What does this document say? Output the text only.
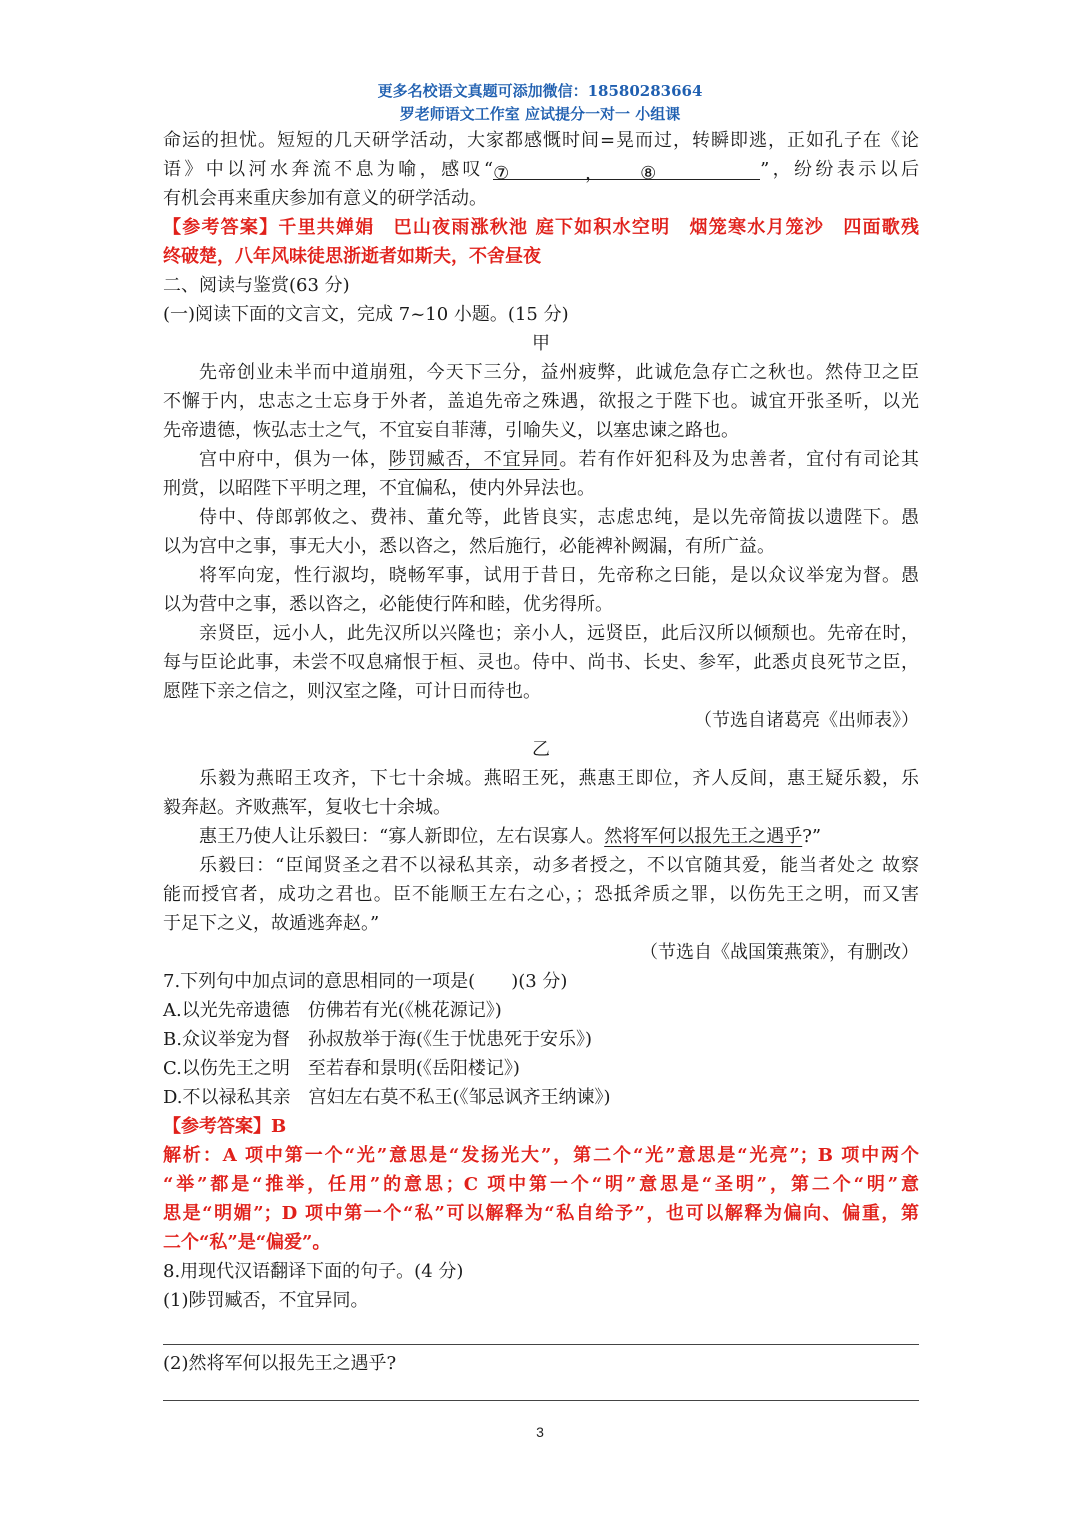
更多名校语文真题可添加微信：18580283664
罗老师语文工作室 应试提分一对一 小组课
命运的担忧。短短的几天研学活动，大家都感慨时间=晃而过，转瞬即逃，正如孔子在《论
语》中以河水奔流不息为喻，感叹“⑦	， ⑧	”，纷纷表示以后
有机会再来重庆参加有意义的研学活动。
【参考答案】千里共婵娟　巴山夜雨涨秋池 庭下如积水空明　烟笼寒水月笼沙　四面歌残
终破楚，八年风味徒思浙逝者如斯夫，不舍昼夜
二、阅读与鉴赏(63 分)
(一)阅读下面的文言文，完成 7~10 小题。(15 分)
甲
先帝创业未半而中道崩殂，今天下三分，益州疲弊，此诚危急存亡之秋也。然侍卫之臣
不懈于内，忠志之士忘身于外者，盖追先帝之殊遇，欲报之于陛下也。诚宜开张圣听，以光
先帝遗德，恢弘志士之气，不宜妄自菲薄，引喻失义，以塞忠谏之路也。
宫中府中，俱为一体，陟罚臧否，不宜异同。若有作奸犯科及为忠善者，宜付有司论其
刑赏，以昭陛下平明之理，不宜偏私，使内外异法也。
侍中、侍郎郭攸之、费祎、董允等，此皆良实，志虑忠纯，是以先帝简拔以遗陛下。愚
以为宫中之事，事无大小，悉以咨之，然后施行，必能裨补阙漏，有所广益。
将军向宠，性行淑均，晓畅军事，试用于昔日，先帝称之曰能，是以众议举宠为督。愚
以为营中之事，悉以咨之，必能使行阵和睦，优劣得所。
亲贤臣，远小人，此先汉所以兴隆也；亲小人，远贤臣，此后汉所以倾颓也。先帝在时，
每与臣论此事，未尝不叹息痛恨于桓、灵也。侍中、尚书、长史、参军，此悉贞良死节之臣，
愿陛下亲之信之，则汉室之隆，可计日而待也。
（节选自诸葛亮《出师表》）
乙
乐毅为燕昭王攻齐，下七十余城。燕昭王死，燕惠王即位，齐人反间，惠王疑乐毅，乐
毅奔赵。齐败燕军，复收七十余城。
惠王乃使人让乐毅曰：“寡人新即位，左右误寡人。然将军何以报先王之遇乎?”
乐毅曰：“臣闻贤圣之君不以禄私其亲，动多者授之，不以官随其爱，能当者处之 故察
能而授官者，成功之君也。臣不能顺王左右之心，；恐抵斧质之罪，以伤先王之明，而又害
于足下之义，故遁逃奔赵。”
（节选自《战国策燕策》，有删改）
7.下列句中加点词的意思相同的一项是(　　)(3 分)
A.以光先帝遗德　仿佛若有光(《桃花源记》)
B.众议举宠为督　孙叔敖举于海(《生于忧患死于安乐》)
C.以伤先王之明　至若春和景明(《岳阳楼记》)
D.不以禄私其亲　宫妇左右莫不私王(《邹忌讽齐王纳谏》)
【参考答案】B
解析：A 项中第一个“光”意思是“发扬光大”，第二个“光”意思是“光亮”；B 项中两个
“举”都是“推举，任用”的意思；C 项中第一个“明”意思是“圣明”，第二个“明”意
思是“明媚”；D 项中第一个“私”可以解释为“私自给予”，也可以解释为偏向、偏重，第
二个“私”是“偏爱”。
8.用现代汉语翻译下面的句子。(4 分)
(1)陟罚臧否，不宜异同。
(2)然将军何以报先王之遇乎?
3
